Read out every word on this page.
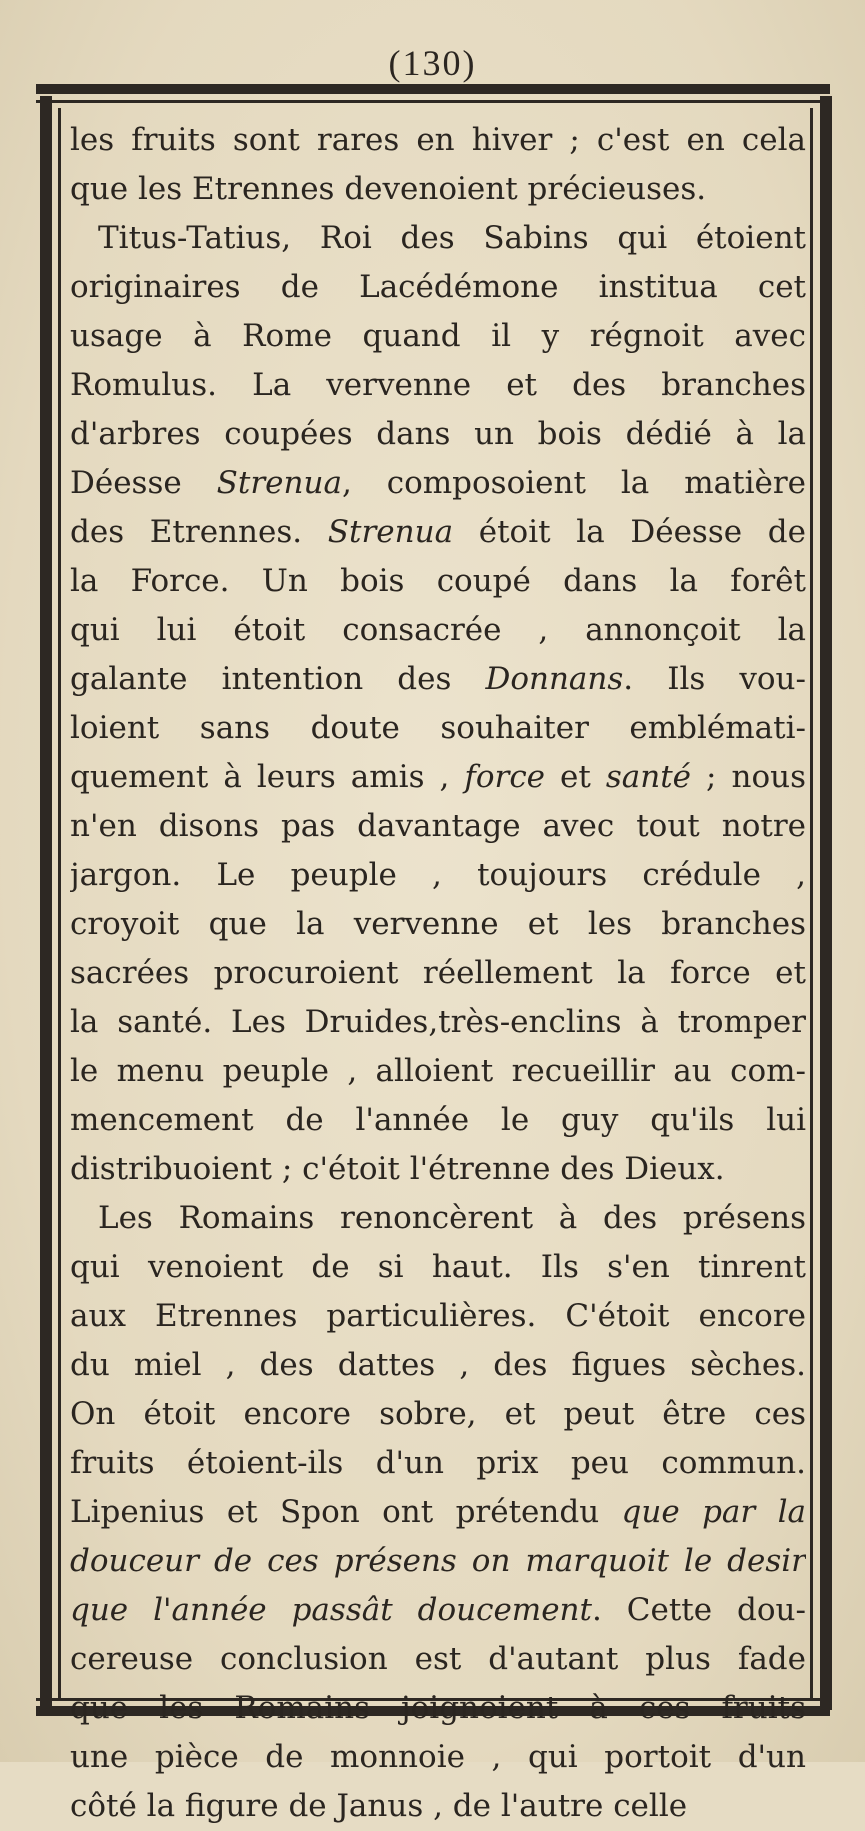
(130)
les fruits sont rares en hiver ; c'est en cela
que les Etrennes devenoient précieuses.
Titus-Tatius, Roi des Sabins qui étoient
originaires de Lacédémone institua cet
usage à Rome quand il y régnoit avec
Romulus. La vervenne et des branches
d'arbres coupées dans un bois dédié à la
Déesse Strenua, composoient la matière
des Etrennes. Strenua étoit la Déesse de
la Force. Un bois coupé dans la forêt
qui lui étoit consacrée , annonçoit la
galante intention des Donnans. Ils vou-
loient sans doute souhaiter emblémati-
quement à leurs amis , force et santé ; nous
n'en disons pas davantage avec tout notre
jargon. Le peuple , toujours crédule ,
croyoit que la vervenne et les branches
sacrées procuroient réellement la force et
la santé. Les Druides,très-enclins à tromper
le menu peuple , alloient recueillir au com-
mencement de l'année le guy qu'ils lui
distribuoient ; c'étoit l'étrenne des Dieux.
Les Romains renoncèrent à des présens
qui venoient de si haut. Ils s'en tinrent
aux Etrennes particulières. C'étoit encore
du miel , des dattes , des figues sèches.
On étoit encore sobre, et peut être ces
fruits étoient-ils d'un prix peu commun.
Lipenius et Spon ont prétendu que par la
douceur de ces présens on marquoit le desir
que l'année passât doucement. Cette dou-
cereuse conclusion est d'autant plus fade
que les Romains joignoient à ces fruits
une pièce de monnoie , qui portoit d'un
côté la figure de Janus , de l'autre celle
